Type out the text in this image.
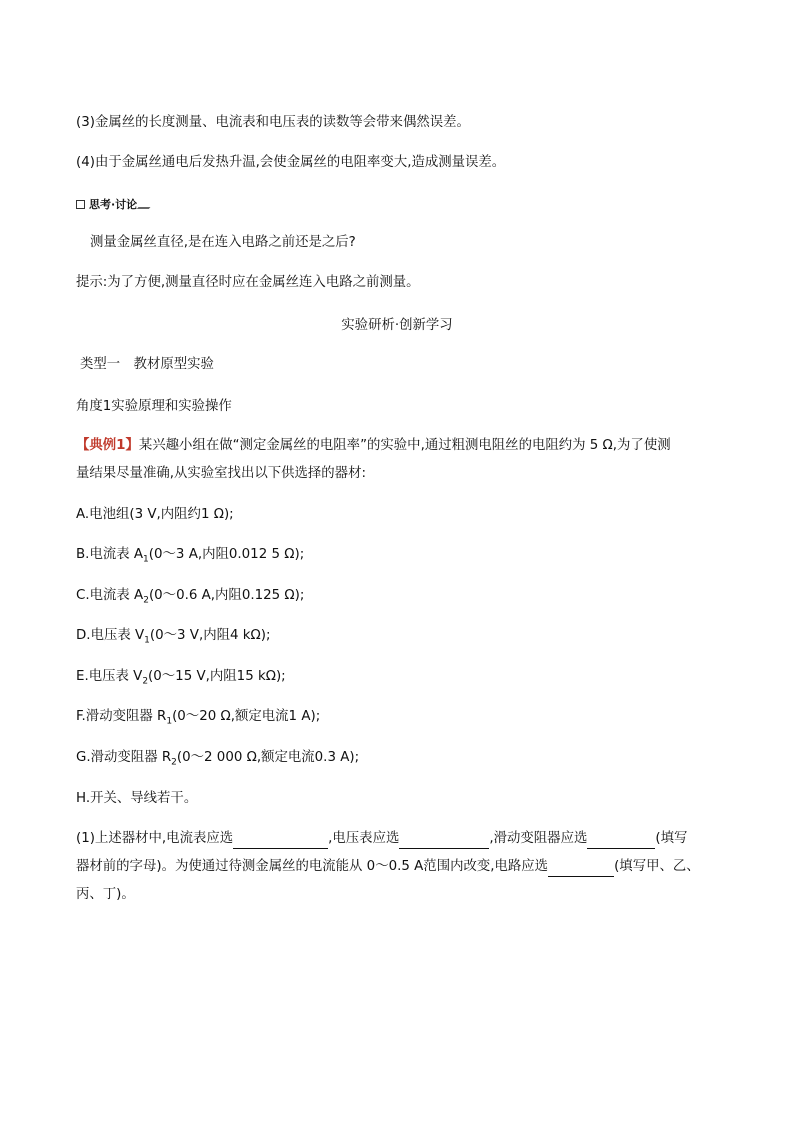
(3)金属丝的长度测量、电流表和电压表的读数等会带来偶然误差。
(4)由于金属丝通电后发热升温,会使金属丝的电阻率变大,造成测量误差。
思考·讨论
测量金属丝直径,是在连入电路之前还是之后?
提示:为了方便,测量直径时应在金属丝连入电路之前测量。
实验研析·创新学习
类型一　教材原型实验
角度1实验原理和实验操作
【典例1】某兴趣小组在做“测定金属丝的电阻率”的实验中,通过粗测电阻丝的电阻约为 5 Ω,为了使测
量结果尽量准确,从实验室找出以下供选择的器材:
A.电池组(3 V,内阻约1 Ω);
B.电流表 $A_1(0\sim 3$ A,内阻0.012 5 Ω);
C.电流表 $A_2(0\sim 0.6$ A,内阻0.125 Ω);
D.电压表 $V_1(0\sim 3$ V,内阻4 kΩ);
E.电压表 $V_2(0\sim 15$ V,内阻15 kΩ);
F.滑动变阻器 $R_1(0\sim 20$ Ω,额定电流1 A);
G.滑动变阻器 $R_2(0\sim 2$ 000 Ω,额定电流0.3 A);
H.开关、导线若干。
(1)上述器材中,电流表应选	,电压表应选	,滑动变阻器应选	(填写
器材前的字母)。为使通过待测金属丝的电流能从 0～0.5 A范围内改变,电路应选	(填写甲、乙、
丙、丁)。
